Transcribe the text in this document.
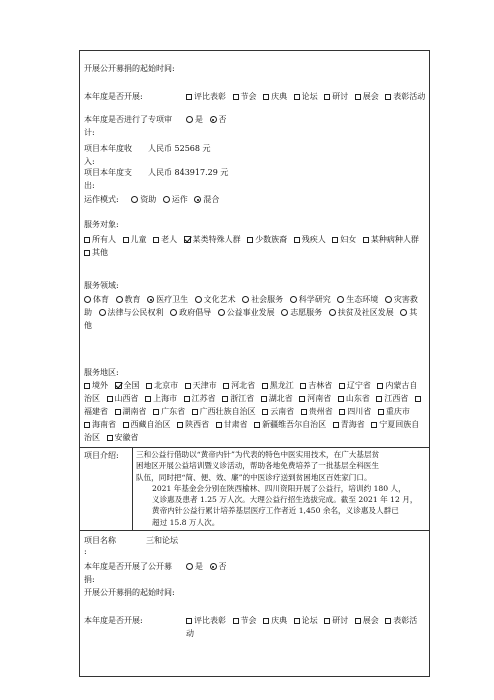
开展公开募捐的起始时间:
本年度是否开展:	评比表彰 节会 庆典 论坛 研讨 展会 表彰活动
本年度是否进行了专项审
计:
是 否
项目本年度收
入:
人民币 52568 元
项目本年度支
出:
人民币 843917.29 元
运作模式:	资助 运作 混合
服务对象:
所有人 儿童 老人 某类特殊人群 少数族裔 残疾人 妇女 某种病种人群 其他
服务领域:
体育 教育 医疗卫生 文化艺术 社会服务 科学研究 生态环境 灾害救助 法律与公民权利 政府倡导 公益事业发展 志愿服务 扶贫及社区发展 其他
服务地区:
境外 全国 北京市 天津市 河北省 黑龙江 吉林省 辽宁省 内蒙古自治区 山西省 上海市 江苏省 浙江省 湖北省 河南省 山东省 江西省 福建省 湖南省 广东省 广西壮族自治区 云南省 贵州省 四川省 重庆市 海南省 西藏自治区 陕西省 甘肃省 新疆维吾尔自治区 青海省 宁夏回族自治区 安徽省
项目介绍: 三和公益行借助以“黄帝内针”为代表的特色中医实用技术，在广大基层贫
困地区开展公益培训暨义诊活动，帮助各地免费培养了一批基层全科医生
队伍，同时把“简、便、效、廉”的中医诊疗送到贫困地区百姓家门口。
2021 年基金会分别在陕西榆林、四川资阳开展了公益行，培训约 180 人，
义诊惠及患者 1.25 万人次。大理公益行招生选拔完成。截至 2021 年 12 月，
黄帝内针公益行累计培养基层医疗工作者近 1,450 余名，义诊惠及人群已
超过 15.8 万人次。
项目名称
:
三和论坛
本年度是否开展了公开募
捐:
是 否
开展公开募捐的起始时间:
本年度是否开展:	评比表彰 节会 庆典 论坛 研讨 展会 表彰活动
